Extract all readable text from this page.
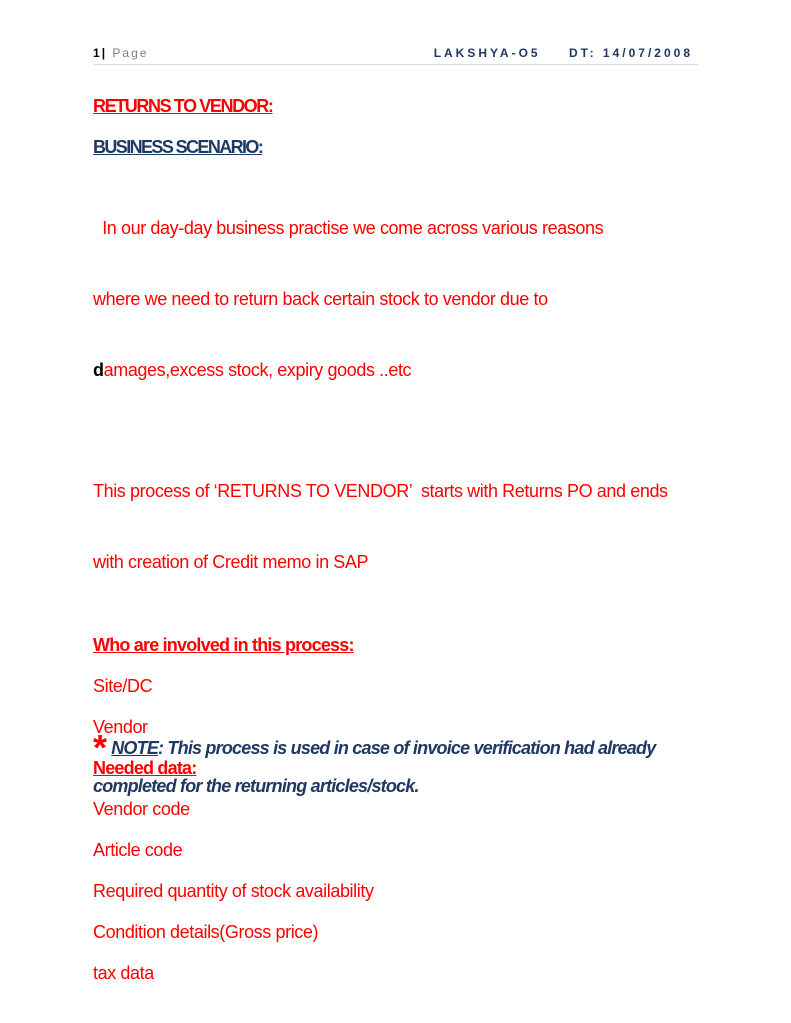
1| Page	LAKSHYA-O5 DT: 14/07/2008

RETURNS TO VENDOR:

BUSINESS SCENARIO:

In our day-day business practise we come across various reasons

where we need to return back certain stock to vendor due to

damages,excess stock, expiry goods ..etc

This process of ‘RETURNS TO VENDOR’  starts with Returns PO and ends

with creation of Credit memo in SAP

Who are involved in this process:

Site/DC

Vendor

Needed data:

Vendor code

Article code

Required quantity of stock availability

Condition details(Gross price)

tax data

* NOTE: This process is used in case of invoice verification had already

completed for the returning articles/stock.
